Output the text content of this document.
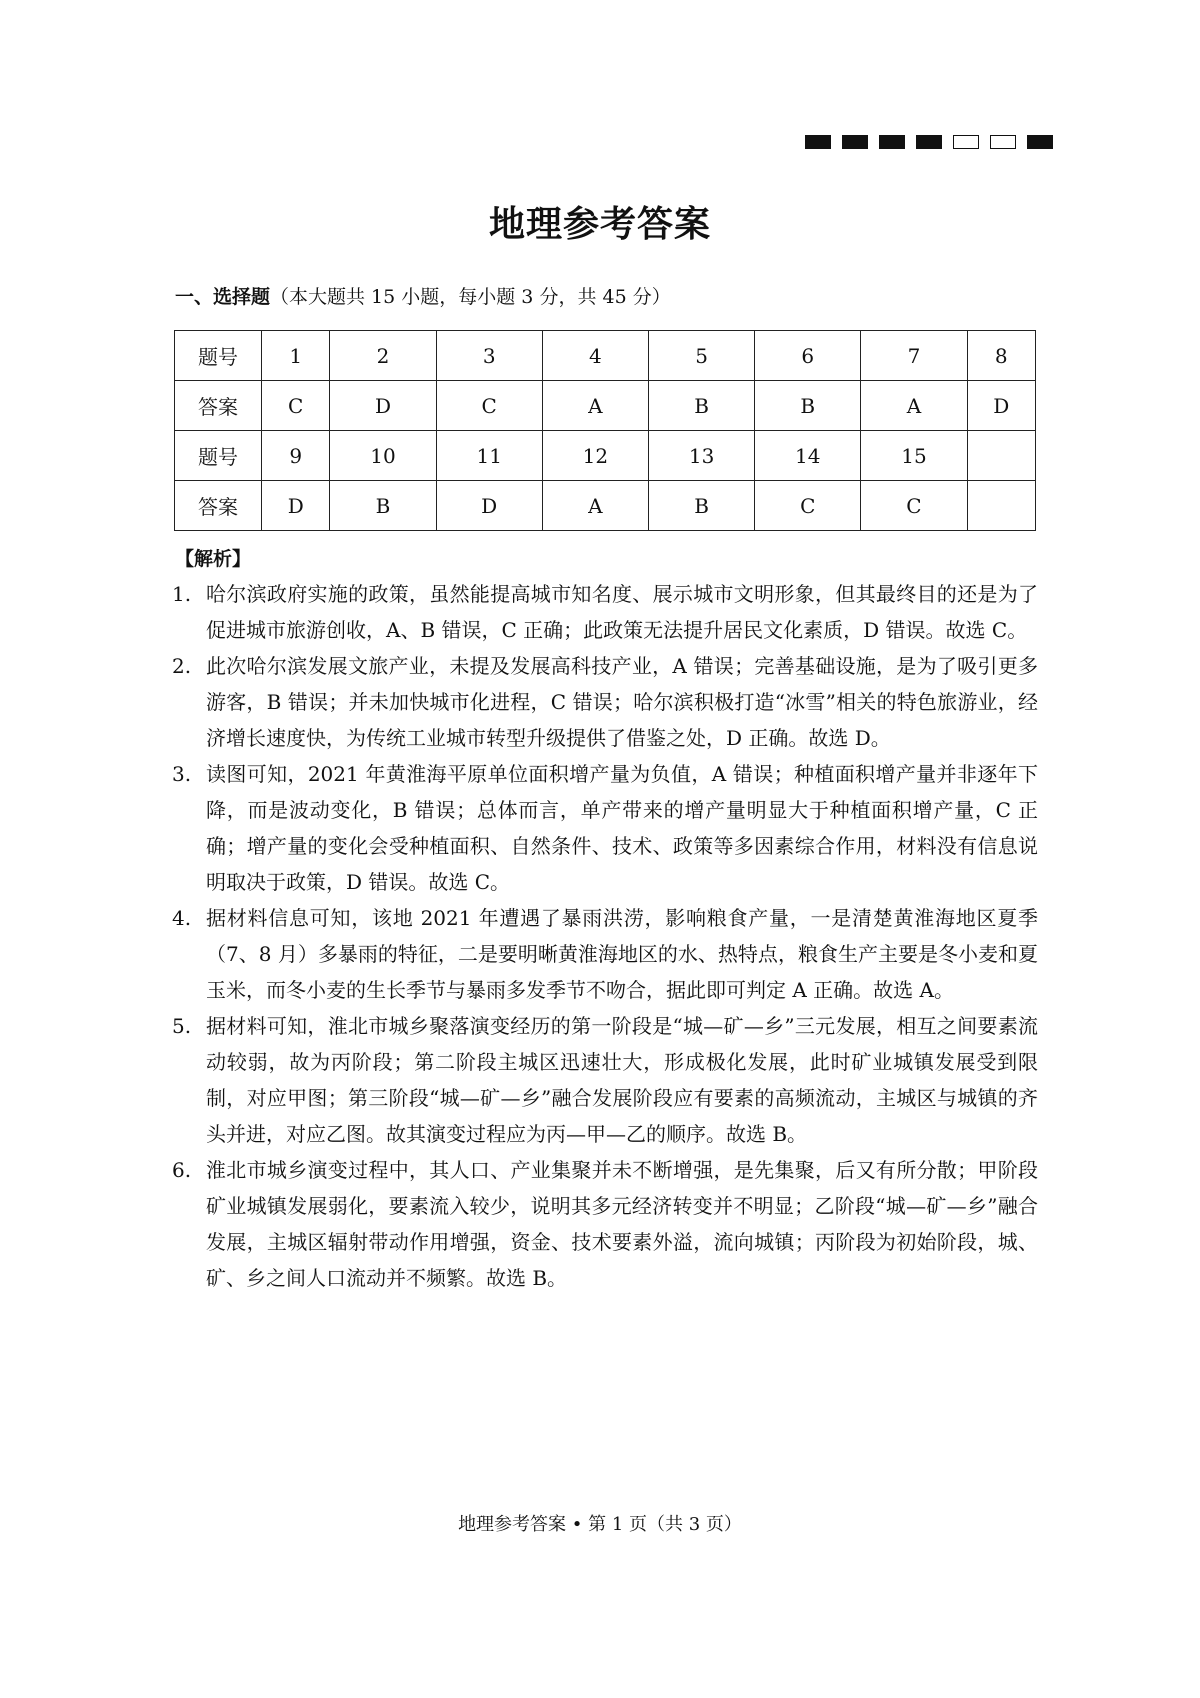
地理参考答案
一、选择题（本大题共 15 小题，每小题 3 分，共 45 分）
题号	1	2	3	4	5	6	7	8
答案	C	D	C	A	B	B	A	D
题号	9	10	11	12	13	14	15	
答案	D	B	D	A	B	C	C	
【解析】
1. 哈尔滨政府实施的政策，虽然能提高城市知名度、展示城市文明形象，但其最终目的还是为了促进城市旅游创收，A、B 错误，C 正确；此政策无法提升居民文化素质，D 错误。故选 C。
2. 此次哈尔滨发展文旅产业，未提及发展高科技产业，A 错误；完善基础设施，是为了吸引更多游客，B 错误；并未加快城市化进程，C 错误；哈尔滨积极打造“冰雪”相关的特色旅游业，经济增长速度快，为传统工业城市转型升级提供了借鉴之处，D 正确。故选 D。
3. 读图可知，2021 年黄淮海平原单位面积增产量为负值，A 错误；种植面积增产量并非逐年下降，而是波动变化，B 错误；总体而言，单产带来的增产量明显大于种植面积增产量，C 正确；增产量的变化会受种植面积、自然条件、技术、政策等多因素综合作用，材料没有信息说明取决于政策，D 错误。故选 C。
4. 据材料信息可知，该地 2021 年遭遇了暴雨洪涝，影响粮食产量，一是清楚黄淮海地区夏季（7、8 月）多暴雨的特征，二是要明晰黄淮海地区的水、热特点，粮食生产主要是冬小麦和夏玉米，而冬小麦的生长季节与暴雨多发季节不吻合，据此即可判定 A 正确。故选 A。
5. 据材料可知，淮北市城乡聚落演变经历的第一阶段是“城—矿—乡”三元发展，相互之间要素流动较弱，故为丙阶段；第二阶段主城区迅速壮大，形成极化发展，此时矿业城镇发展受到限制，对应甲图；第三阶段“城—矿—乡”融合发展阶段应有要素的高频流动，主城区与城镇的齐头并进，对应乙图。故其演变过程应为丙—甲—乙的顺序。故选 B。
6. 淮北市城乡演变过程中，其人口、产业集聚并未不断增强，是先集聚，后又有所分散；甲阶段矿业城镇发展弱化，要素流入较少，说明其多元经济转变并不明显；乙阶段“城—矿—乡”融合发展，主城区辐射带动作用增强，资金、技术要素外溢，流向城镇；丙阶段为初始阶段，城、矿、乡之间人口流动并不频繁。故选 B。
地理参考答案 • 第 1 页（共 3 页）
